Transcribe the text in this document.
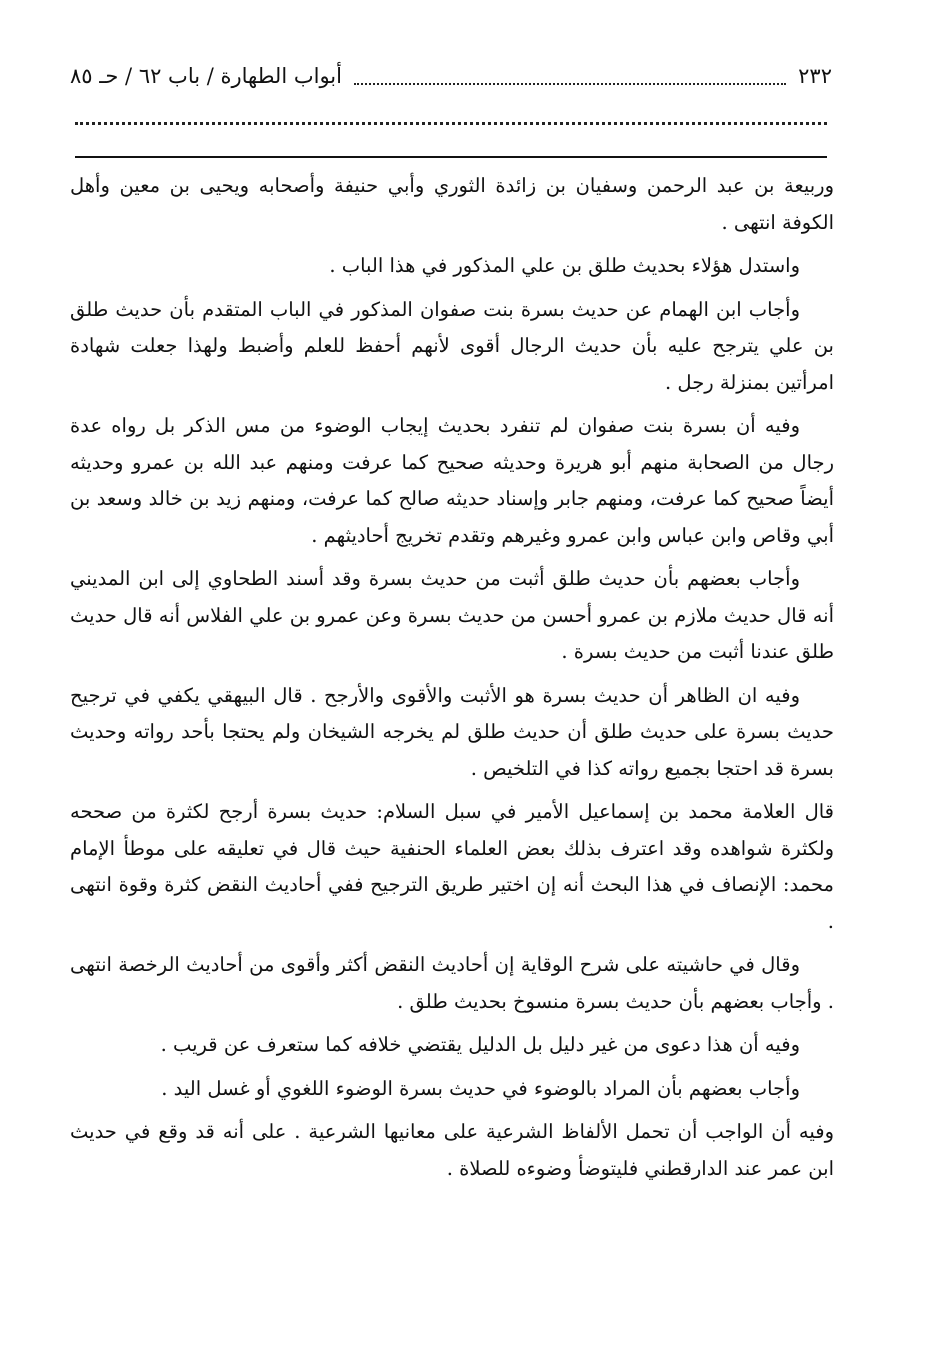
٢٣٢
أبواب الطهارة / باب ٦٢ / حـ ٨٥

وربيعة بن عبد الرحمن وسفيان بن زائدة الثوري وأبي حنيفة وأصحابه ويحيى بن معين وأهل الكوفة انتهى .

واستدل هؤلاء بحديث طلق بن علي المذكور في هذا الباب .

وأجاب ابن الهمام عن حديث بسرة بنت صفوان المذكور في الباب المتقدم بأن حديث طلق بن علي يترجح عليه بأن حديث الرجال أقوى لأنهم أحفظ للعلم وأضبط ولهذا جعلت شهادة امرأتين بمنزلة رجل .

وفيه أن بسرة بنت صفوان لم تنفرد بحديث إيجاب الوضوء من مس الذكر بل رواه عدة رجال من الصحابة منهم أبو هريرة وحديثه صحيح كما عرفت ومنهم عبد الله بن عمرو وحديثه أيضاً صحيح كما عرفت، ومنهم جابر وإسناد حديثه صالح كما عرفت، ومنهم زيد بن خالد وسعد بن أبي وقاص وابن عباس وابن عمرو وغيرهم وتقدم تخريج أحاديثهم .

وأجاب بعضهم بأن حديث طلق أثبت من حديث بسرة وقد أسند الطحاوي إلى ابن المديني أنه قال حديث ملازم بن عمرو أحسن من حديث بسرة وعن عمرو بن علي الفلاس أنه قال حديث طلق عندنا أثبت من حديث بسرة .

وفيه ان الظاهر أن حديث بسرة هو الأثبت والأقوى والأرجح . قال البيهقي يكفي في ترجيح حديث بسرة على حديث طلق أن حديث طلق لم يخرجه الشيخان ولم يحتجا بأحد رواته وحديث بسرة قد احتجا بجميع رواته كذا في التلخيص .

قال العلامة محمد بن إسماعيل الأمير في سبل السلام: حديث بسرة أرجح لكثرة من صححه ولكثرة شواهده وقد اعترف بذلك بعض العلماء الحنفية حيث قال في تعليقه على موطأ الإمام محمد: الإنصاف في هذا البحث أنه إن اختير طريق الترجيح ففي أحاديث النقض كثرة وقوة انتهى .

وقال في حاشيته على شرح الوقاية إن أحاديث النقض أكثر وأقوى من أحاديث الرخصة انتهى . وأجاب بعضهم بأن حديث بسرة منسوخ بحديث طلق .

وفيه أن هذا دعوى من غير دليل بل الدليل يقتضي خلافه كما ستعرف عن قريب .

وأجاب بعضهم بأن المراد بالوضوء في حديث بسرة الوضوء اللغوي أو غسل اليد .

وفيه أن الواجب أن تحمل الألفاظ الشرعية على معانيها الشرعية . على أنه قد وقع في حديث ابن عمر عند الدارقطني فليتوضأ وضوءه للصلاة .
